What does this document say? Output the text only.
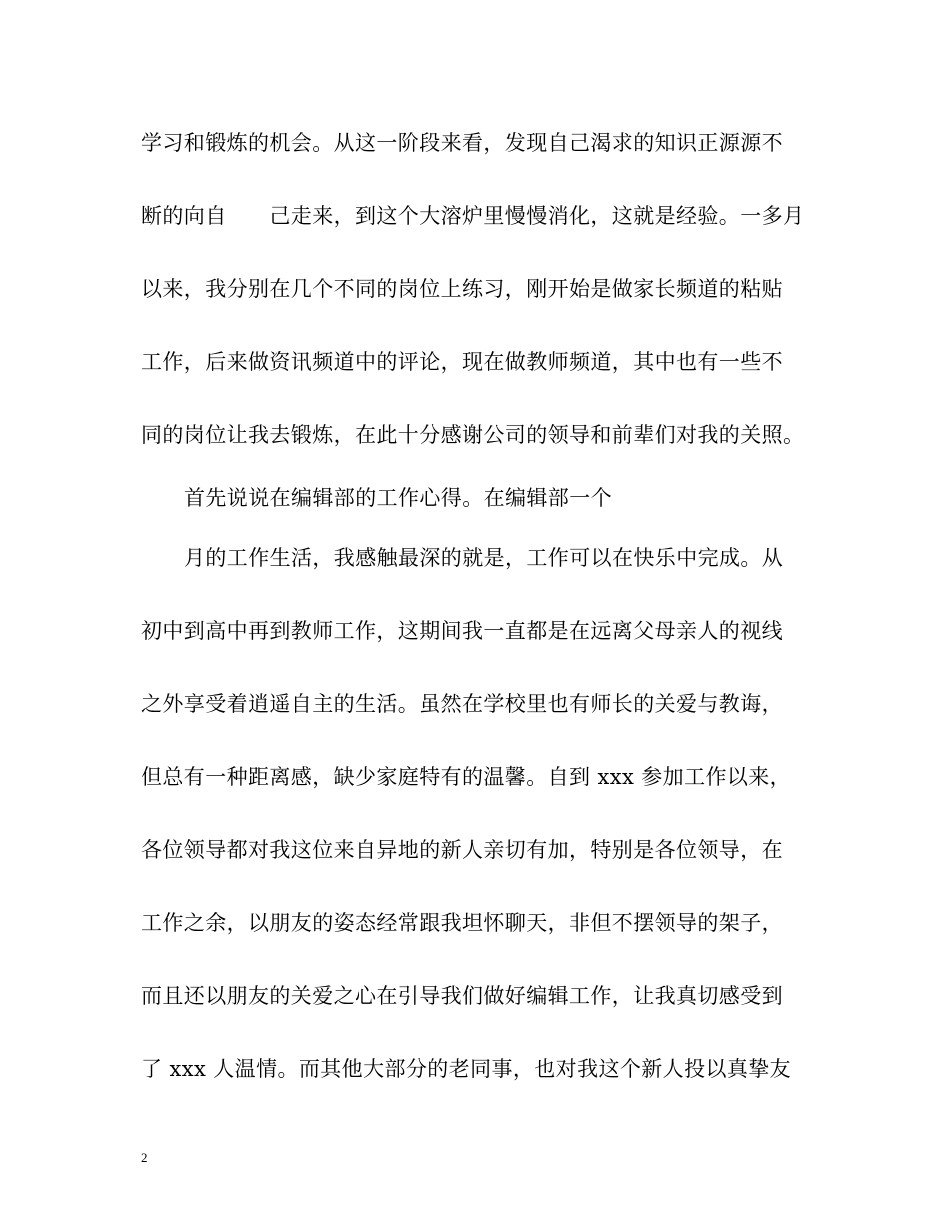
学习和锻炼的机会。从这一阶段来看，发现自己渴求的知识正源源不
断的向自　　己走来，到这个大溶炉里慢慢消化，这就是经验。一多月
以来，我分别在几个不同的岗位上练习，刚开始是做家长频道的粘贴
工作，后来做资讯频道中的评论，现在做教师频道，其中也有一些不
同的岗位让我去锻炼，在此十分感谢公司的领导和前辈们对我的关照。
首先说说在编辑部的工作心得。在编辑部一个
月的工作生活，我感触最深的就是，工作可以在快乐中完成。从
初中到高中再到教师工作，这期间我一直都是在远离父母亲人的视线
之外享受着逍遥自主的生活。虽然在学校里也有师长的关爱与教诲，
但总有一种距离感，缺少家庭特有的温馨。自到 xxx 参加工作以来，
各位领导都对我这位来自异地的新人亲切有加，特别是各位领导，在
工作之余，以朋友的姿态经常跟我坦怀聊天，非但不摆领导的架子，
而且还以朋友的关爱之心在引导我们做好编辑工作，让我真切感受到
了 xxx 人温情。而其他大部分的老同事，也对我这个新人投以真挚友
2
